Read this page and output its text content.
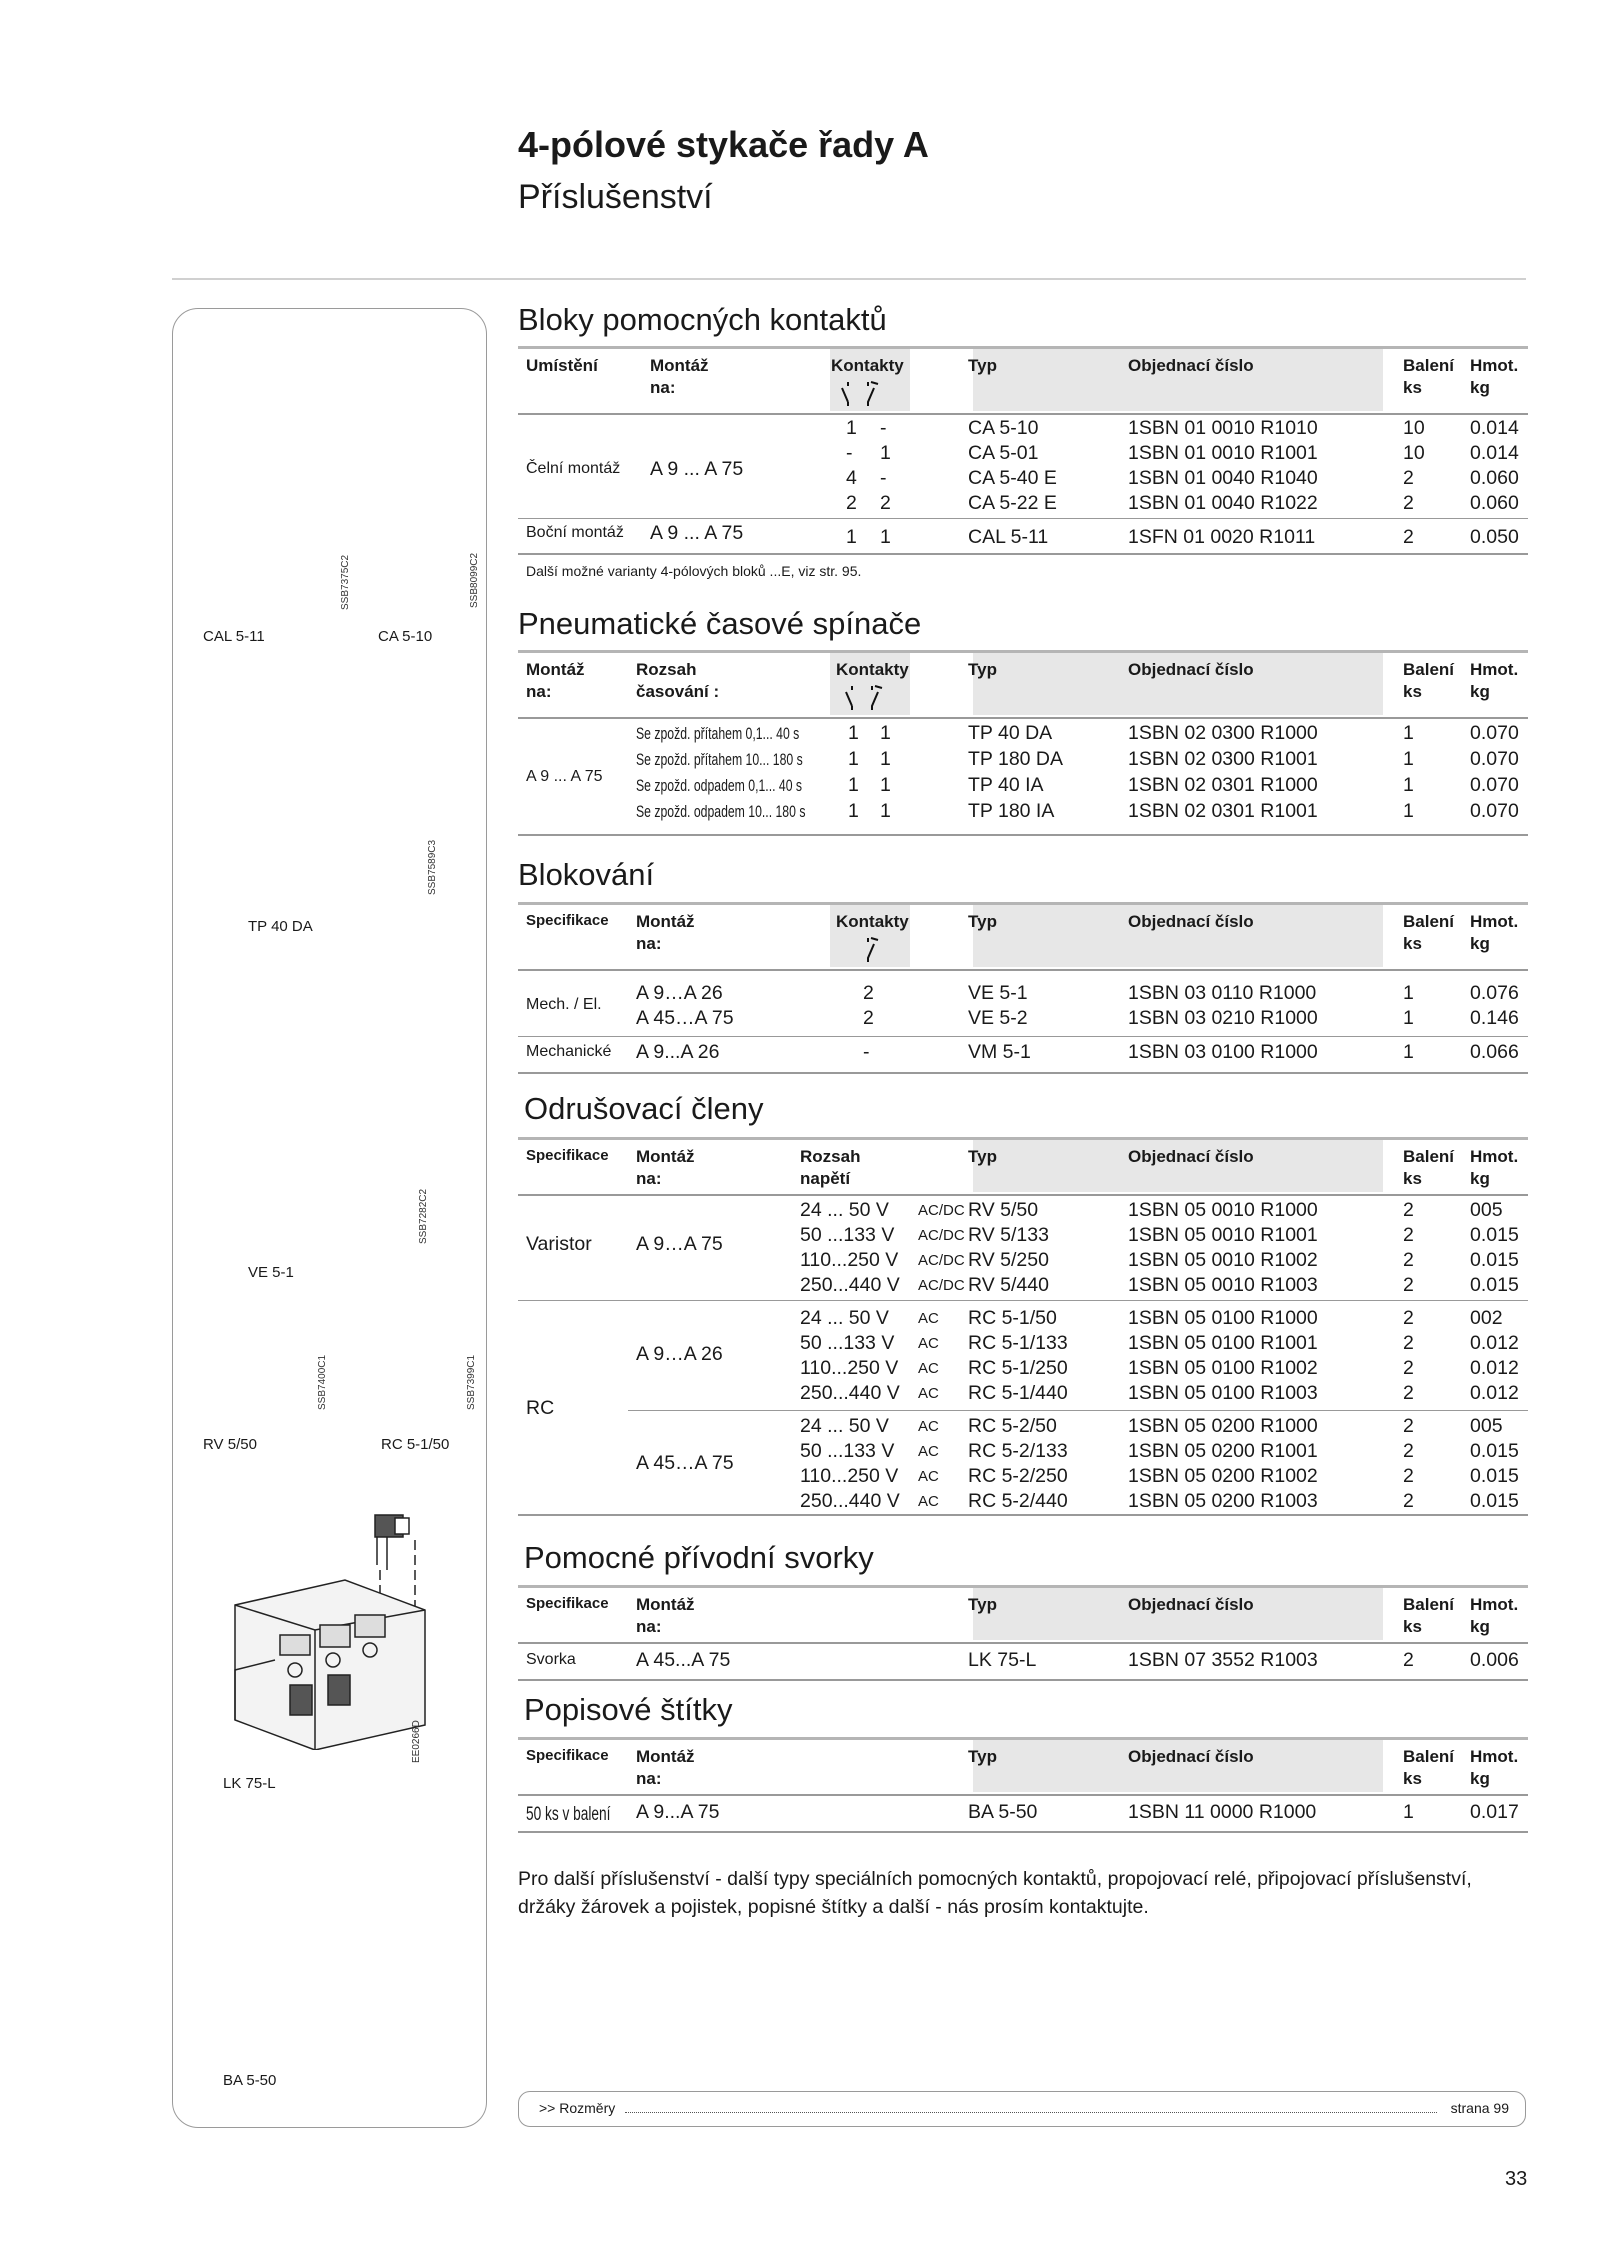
4-pólové stykače řady A
Příslušenství
SSB7375C2	SSB8099C2
CAL 5-11	CA 5-10
SSB7589C3
TP 40 DA
SSB7282C2
VE 5-1
SSB7400C1	SSB7399C1
RV 5/50	RC 5-1/50
EE0266D
LK 75-L
BA 5-50
Bloky pomocných kontaktů
Umístění	Montáž
na:
Kontakty	Typ	Objednací číslo	Balení
ks
Hmot.
kg
Čelní montáž A 9 ... A 75
1 -	CA 5-10	1SBN 01 0010 R1010	10 0.014
- 1	CA 5-01	1SBN 01 0010 R1001	10 0.014
4 -	CA 5-40 E	1SBN 01 0040 R1040	2	0.060
2 2	CA 5-22 E	1SBN 01 0040 R1022	2	0.060
Boční montáž A 9 ... A 75	1 1	CAL 5-11	1SFN 01 0020 R1011	2	0.050
Další možné varianty 4-pólových bloků ...E, viz str. 95.
Pneumatické časové spínače
Montáž
na:
Rozsah
časování :
Kontakty	Typ	Objednací číslo	Balení
ks
Hmot.
kg
A 9 ... A 75
Se zpožd. přítahem 0,1... 40 s	1 1	TP 40 DA	1SBN 02 0300 R1000	1	0.070
Se zpožd. přítahem 10... 180 s	1 1	TP 180 DA	1SBN 02 0300 R1001	1	0.070
Se zpožd. odpadem 0,1... 40 s	1 1	TP 40 IA	1SBN 02 0301 R1000	1	0.070
Se zpožd. odpadem 10... 180 s	1 1	TP 180 IA	1SBN 02 0301 R1001	1	0.070
Blokování
Specifikace Montáž
na:
Kontakty	Typ	Objednací číslo	Balení
ks
Hmot.
kg
Mech. / El.
A 9…A 26	2	VE 5-1	1SBN 03 0110 R1000	1	0.076
A 45…A 75	2	VE 5-2	1SBN 03 0210 R1000	1	0.146
Mechanické A 9...A 26	-	VM 5-1	1SBN 03 0100 R1000	1	0.066
Odrušovací členy
Specifikace Montáž
na:
Rozsah
napětí
Typ	Objednací číslo	Balení
ks
Hmot.
kg
Varistor A 9…A 75
24 ... 50 V AC/DC RV 5/50	1SBN 05 0010 R1000	2	005
50 ...133 V AC/DC RV 5/133	1SBN 05 0010 R1001	2	0.015
110...250 V AC/DC RV 5/250	1SBN 05 0010 R1002	2	0.015
250...440 V AC/DC RV 5/440	1SBN 05 0010 R1003	2	0.015
RC
A 9…A 26
24 ... 50 V AC RC 5-1/50	1SBN 05 0100 R1000	2	002
50 ...133 V AC RC 5-1/133	1SBN 05 0100 R1001	2	0.012
110...250 V AC RC 5-1/250	1SBN 05 0100 R1002	2	0.012
250...440 V AC RC 5-1/440	1SBN 05 0100 R1003	2	0.012
A 45…A 75
24 ... 50 V AC RC 5-2/50	1SBN 05 0200 R1000	2	005
50 ...133 V AC RC 5-2/133	1SBN 05 0200 R1001	2	0.015
110...250 V AC RC 5-2/250	1SBN 05 0200 R1002	2	0.015
250...440 V AC RC 5-2/440	1SBN 05 0200 R1003	2	0.015
Pomocné přívodní svorky
Specifikace Montáž
na:
Typ	Objednací číslo	Balení
ks
Hmot.
kg
Svorka	A 45...A 75	LK 75-L	1SBN 07 3552 R1003	2	0.006
Popisové štítky
Specifikace Montáž
na:
Typ	Objednací číslo	Balení
ks
Hmot.
kg
50 ks v balení	A 9...A 75	BA 5-50	1SBN 11 0000 R1000	1	0.017
Pro další příslušenství - další typy speciálních pomocných kontaktů, propojovací relé, připojovací příslušenství, držáky žárovek a pojistek, popisné štítky a další - nás prosím kontaktujte.
>> Rozměry	strana 99
33
